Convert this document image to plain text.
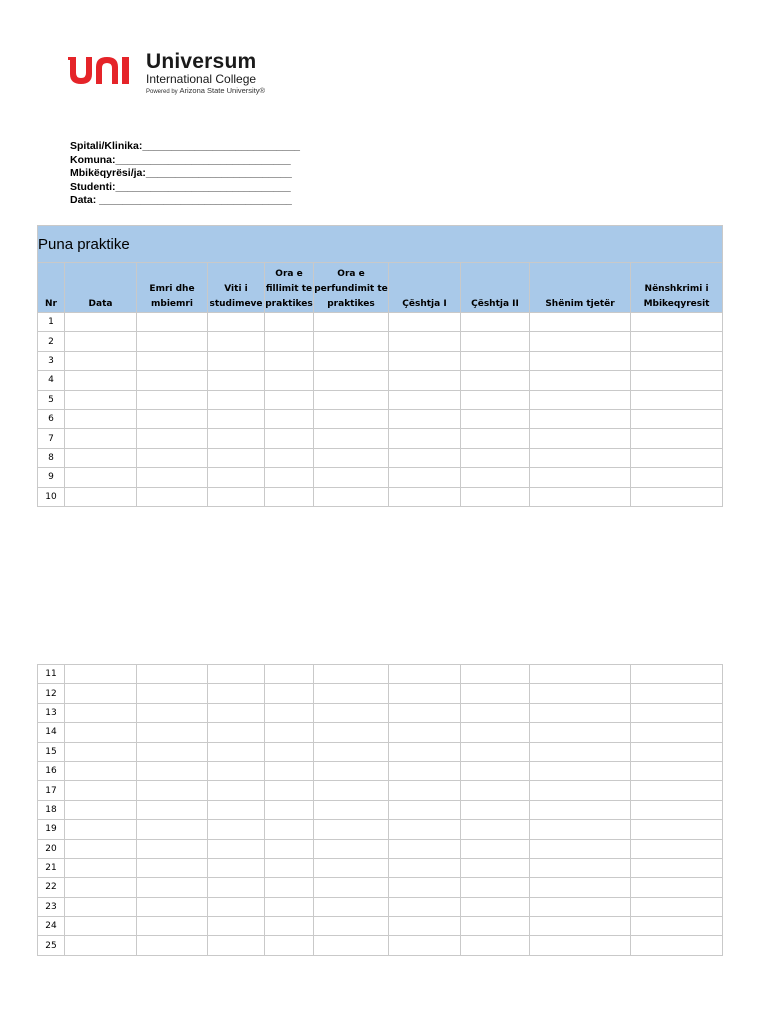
Universum
International College
Powered by Arizona State University®
Spitali/Klinika:___________________________
Komuna:______________________________
Mbikëqyrësi/ja:_________________________
Studenti:______________________________
Data: _________________________________
Puna praktike									
Nr	Data	Emri dhe mbiemri	Viti i studimeve	Ora e fillimit te praktikes	Ora e perfundimit te praktikes	Çështja I	Çështja II	Shënim tjetër	Nënshkrimi i Mbikeqyresit
1									
2									
3									
4									
5									
6									
7									
8									
9									
10									
11									
12									
13									
14									
15									
16									
17									
18									
19									
20									
21									
22									
23									
24									
25									
